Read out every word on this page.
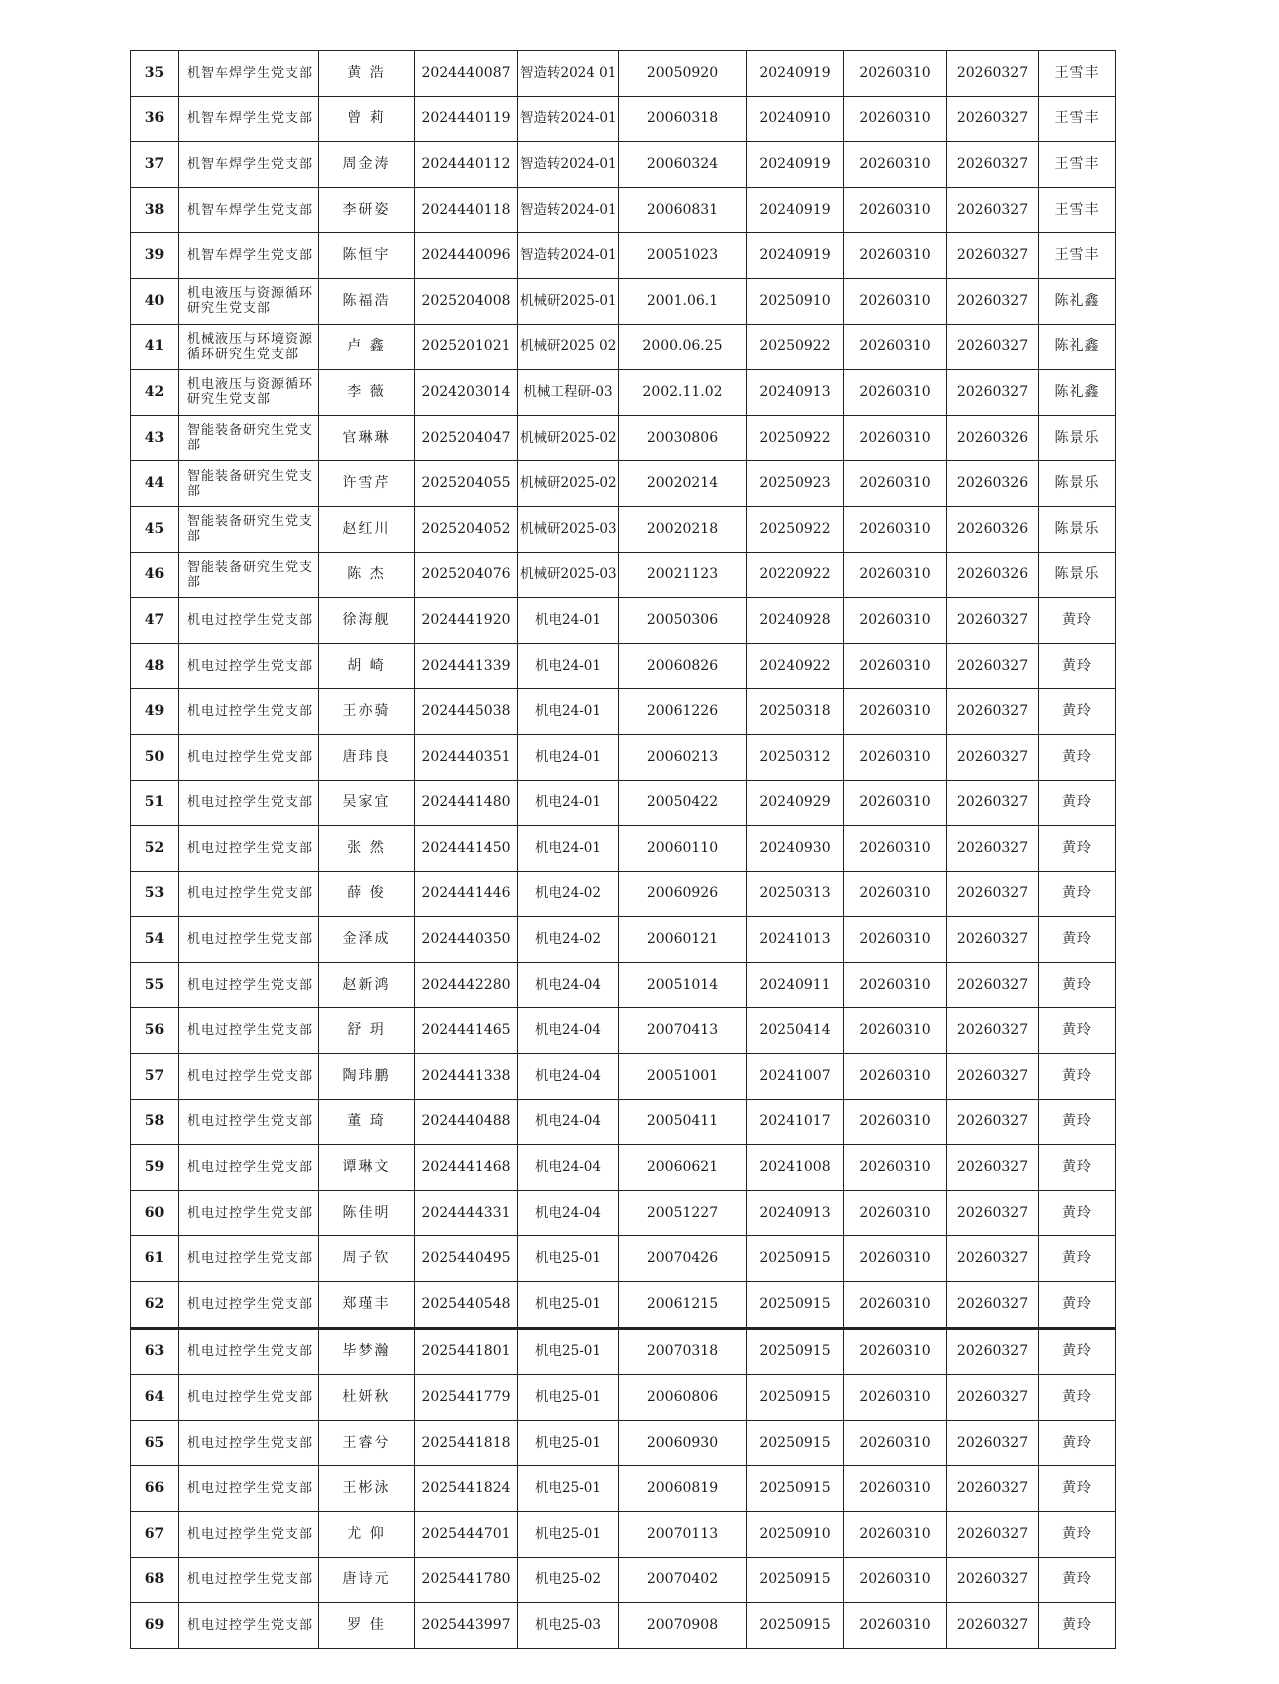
35	机智车焊学生党支部	黄 浩	2024440087	智造转2024 01	20050920	20240919	20260310	20260327	王雪丰
36	机智车焊学生党支部	曾 莉	2024440119	智造转2024-01	20060318	20240910	20260310	20260327	王雪丰
37	机智车焊学生党支部	周金涛	2024440112	智造转2024-01	20060324	20240919	20260310	20260327	王雪丰
38	机智车焊学生党支部	李研姿	2024440118	智造转2024-01	20060831	20240919	20260310	20260327	王雪丰
39	机智车焊学生党支部	陈恒宇	2024440096	智造转2024-01	20051023	20240919	20260310	20260327	王雪丰
40	机电液压与资源循环研究生党支部	陈福浩	2025204008	机械研2025-01	2001.06.1	20250910	20260310	20260327	陈礼鑫
41	机械液压与环境资源循环研究生党支部	卢 鑫	2025201021	机械研2025 02	2000.06.25	20250922	20260310	20260327	陈礼鑫
42	机电液压与资源循环研究生党支部	李 薇	2024203014	机械工程研-03	2002.11.02	20240913	20260310	20260327	陈礼鑫
43	智能装备研究生党支部	官琳琳	2025204047	机械研2025-02	20030806	20250922	20260310	20260326	陈景乐
44	智能装备研究生党支部	许雪芹	2025204055	机械研2025-02	20020214	20250923	20260310	20260326	陈景乐
45	智能装备研究生党支部	赵红川	2025204052	机械研2025-03	20020218	20250922	20260310	20260326	陈景乐
46	智能装备研究生党支部	陈 杰	2025204076	机械研2025-03	20021123	20220922	20260310	20260326	陈景乐
47	机电过控学生党支部	徐海舰	2024441920	机电24-01	20050306	20240928	20260310	20260327	黄玲
48	机电过控学生党支部	胡 崎	2024441339	机电24-01	20060826	20240922	20260310	20260327	黄玲
49	机电过控学生党支部	王亦骑	2024445038	机电24-01	20061226	20250318	20260310	20260327	黄玲
50	机电过控学生党支部	唐玮良	2024440351	机电24-01	20060213	20250312	20260310	20260327	黄玲
51	机电过控学生党支部	吴家宜	2024441480	机电24-01	20050422	20240929	20260310	20260327	黄玲
52	机电过控学生党支部	张 然	2024441450	机电24-01	20060110	20240930	20260310	20260327	黄玲
53	机电过控学生党支部	薛 俊	2024441446	机电24-02	20060926	20250313	20260310	20260327	黄玲
54	机电过控学生党支部	金泽成	2024440350	机电24-02	20060121	20241013	20260310	20260327	黄玲
55	机电过控学生党支部	赵新鸿	2024442280	机电24-04	20051014	20240911	20260310	20260327	黄玲
56	机电过控学生党支部	舒 玥	2024441465	机电24-04	20070413	20250414	20260310	20260327	黄玲
57	机电过控学生党支部	陶玮鹏	2024441338	机电24-04	20051001	20241007	20260310	20260327	黄玲
58	机电过控学生党支部	董 琦	2024440488	机电24-04	20050411	20241017	20260310	20260327	黄玲
59	机电过控学生党支部	谭琳文	2024441468	机电24-04	20060621	20241008	20260310	20260327	黄玲
60	机电过控学生党支部	陈佳明	2024444331	机电24-04	20051227	20240913	20260310	20260327	黄玲
61	机电过控学生党支部	周子钦	2025440495	机电25-01	20070426	20250915	20260310	20260327	黄玲
62	机电过控学生党支部	郑瑾丰	2025440548	机电25-01	20061215	20250915	20260310	20260327	黄玲
63	机电过控学生党支部	毕梦瀚	2025441801	机电25-01	20070318	20250915	20260310	20260327	黄玲
64	机电过控学生党支部	杜妍秋	2025441779	机电25-01	20060806	20250915	20260310	20260327	黄玲
65	机电过控学生党支部	王睿兮	2025441818	机电25-01	20060930	20250915	20260310	20260327	黄玲
66	机电过控学生党支部	王彬泳	2025441824	机电25-01	20060819	20250915	20260310	20260327	黄玲
67	机电过控学生党支部	尤 仰	2025444701	机电25-01	20070113	20250910	20260310	20260327	黄玲
68	机电过控学生党支部	唐诗元	2025441780	机电25-02	20070402	20250915	20260310	20260327	黄玲
69	机电过控学生党支部	罗 佳	2025443997	机电25-03	20070908	20250915	20260310	20260327	黄玲
